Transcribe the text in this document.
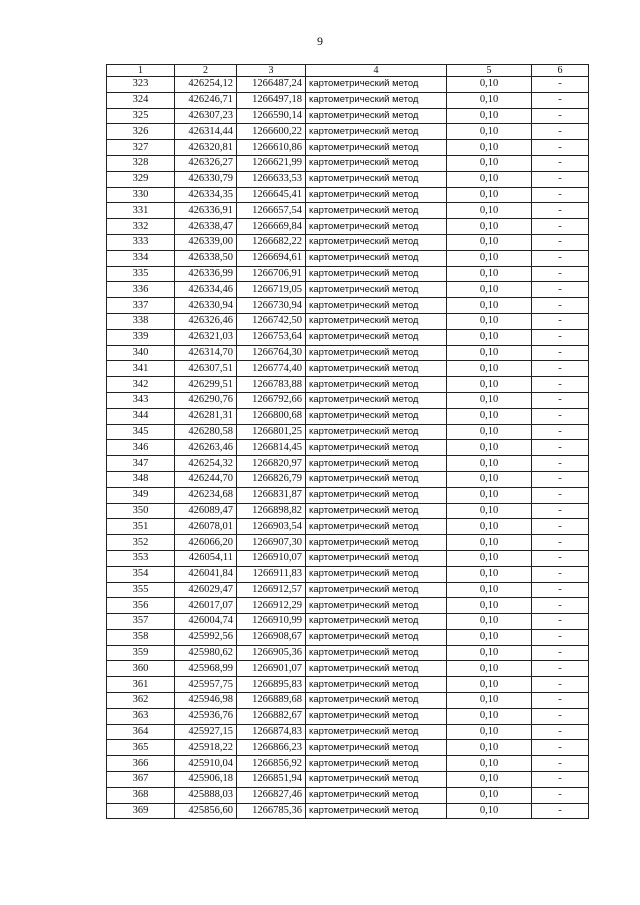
9
1	2	3	4	5	6
323	426254,12	1266487,24	картометрический метод	0,10	-
324	426246,71	1266497,18	картометрический метод	0,10	-
325	426307,23	1266590,14	картометрический метод	0,10	-
326	426314,44	1266600,22	картометрический метод	0,10	-
327	426320,81	1266610,86	картометрический метод	0,10	-
328	426326,27	1266621,99	картометрический метод	0,10	-
329	426330,79	1266633,53	картометрический метод	0,10	-
330	426334,35	1266645,41	картометрический метод	0,10	-
331	426336,91	1266657,54	картометрический метод	0,10	-
332	426338,47	1266669,84	картометрический метод	0,10	-
333	426339,00	1266682,22	картометрический метод	0,10	-
334	426338,50	1266694,61	картометрический метод	0,10	-
335	426336,99	1266706,91	картометрический метод	0,10	-
336	426334,46	1266719,05	картометрический метод	0,10	-
337	426330,94	1266730,94	картометрический метод	0,10	-
338	426326,46	1266742,50	картометрический метод	0,10	-
339	426321,03	1266753,64	картометрический метод	0,10	-
340	426314,70	1266764,30	картометрический метод	0,10	-
341	426307,51	1266774,40	картометрический метод	0,10	-
342	426299,51	1266783,88	картометрический метод	0,10	-
343	426290,76	1266792,66	картометрический метод	0,10	-
344	426281,31	1266800,68	картометрический метод	0,10	-
345	426280,58	1266801,25	картометрический метод	0,10	-
346	426263,46	1266814,45	картометрический метод	0,10	-
347	426254,32	1266820,97	картометрический метод	0,10	-
348	426244,70	1266826,79	картометрический метод	0,10	-
349	426234,68	1266831,87	картометрический метод	0,10	-
350	426089,47	1266898,82	картометрический метод	0,10	-
351	426078,01	1266903,54	картометрический метод	0,10	-
352	426066,20	1266907,30	картометрический метод	0,10	-
353	426054,11	1266910,07	картометрический метод	0,10	-
354	426041,84	1266911,83	картометрический метод	0,10	-
355	426029,47	1266912,57	картометрический метод	0,10	-
356	426017,07	1266912,29	картометрический метод	0,10	-
357	426004,74	1266910,99	картометрический метод	0,10	-
358	425992,56	1266908,67	картометрический метод	0,10	-
359	425980,62	1266905,36	картометрический метод	0,10	-
360	425968,99	1266901,07	картометрический метод	0,10	-
361	425957,75	1266895,83	картометрический метод	0,10	-
362	425946,98	1266889,68	картометрический метод	0,10	-
363	425936,76	1266882,67	картометрический метод	0,10	-
364	425927,15	1266874,83	картометрический метод	0,10	-
365	425918,22	1266866,23	картометрический метод	0,10	-
366	425910,04	1266856,92	картометрический метод	0,10	-
367	425906,18	1266851,94	картометрический метод	0,10	-
368	425888,03	1266827,46	картометрический метод	0,10	-
369	425856,60	1266785,36	картометрический метод	0,10	-
